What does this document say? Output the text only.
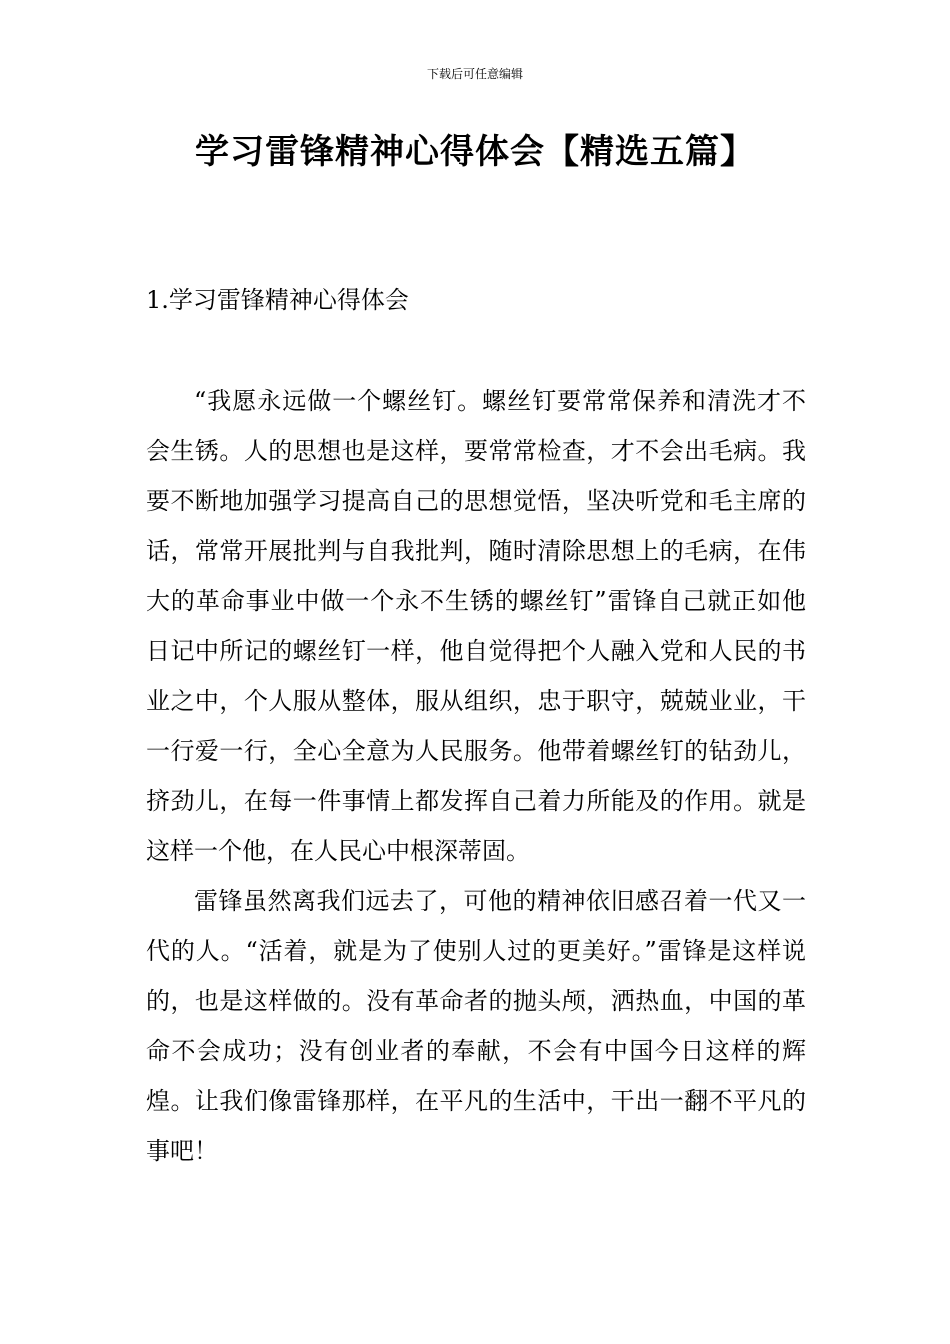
下载后可任意编辑
学习雷锋精神心得体会【精选五篇】
1.学习雷锋精神心得体会

“我愿永远做一个螺丝钉。螺丝钉要常常保养和清洗才不会生锈。人的思想也是这样，要常常检查，才不会出毛病。我要不断地加强学习提高自己的思想觉悟，坚决听党和毛主席的话，常常开展批判与自我批判，随时清除思想上的毛病，在伟大的革命事业中做一个永不生锈的螺丝钉”雷锋自己就正如他日记中所记的螺丝钉一样，他自觉得把个人融入党和人民的书业之中，个人服从整体，服从组织，忠于职守，兢兢业业，干一行爱一行，全心全意为人民服务。他带着螺丝钉的钻劲儿，挤劲儿，在每一件事情上都发挥自己着力所能及的作用。就是这样一个他，在人民心中根深蒂固。

雷锋虽然离我们远去了，可他的精神依旧感召着一代又一代的人。“活着，就是为了使别人过的更美好。”雷锋是这样说的，也是这样做的。没有革命者的抛头颅，洒热血，中国的革命不会成功；没有创业者的奉献，不会有中国今日这样的辉煌。让我们像雷锋那样，在平凡的生活中，干出一翻不平凡的事吧！
